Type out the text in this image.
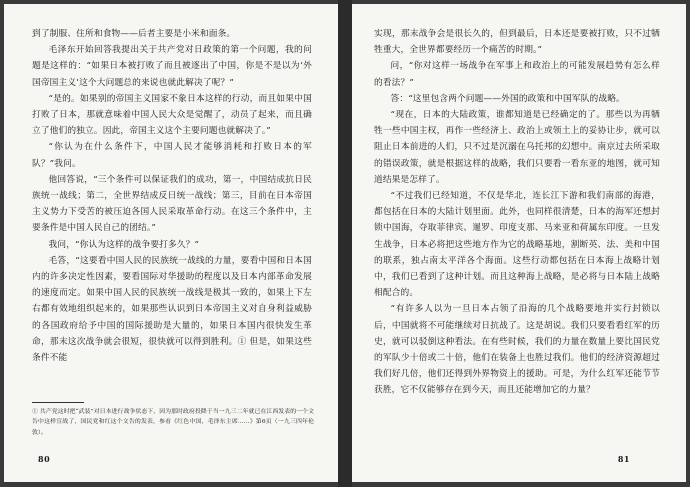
到了制服、住所和食物——后者主要是小米和面条。

毛泽东开始回答我提出关于共产党对日政策的第一个问题，我的问题是这样的：“如果日本被打败了而且被逐出了中国，你是不是以为‘外国帝国主义’这个大问题总的来说也就此解决了呢？”

“是的。如果别的帝国主义国家不象日本这样的行动，而且如果中国打败了日本，那就意味着中国人民大众是觉醒了，动员了起来，而且确立了他们的独立。因此，帝国主义这个主要问题也就解决了。”

“你认为在什么条件下，中国人民才能够消耗和打败日本的军队？”我问。

他回答说，“三个条件可以保证我们的成功，第一，中国结成抗日民族统一战线；第二，全世界结成反日统一战线；第三，目前在日本帝国主义势力下受苦的被压迫各国人民采取革命行动。在这三个条件中，主要条件是中国人民自己的团结。”

我问，“你认为这样的战争要打多久？”

毛答，“这要看中国人民的民族统一战线的力量，要看中国和日本国内的许多决定性因素，要看国际对华援助的程度以及日本内部革命发展的速度而定。如果中国人民的民族统一战线是极其一致的，如果上下左右都有效地组织起来的，如果那些认识到日本帝国主义对自身利益威胁的各国政府给予中国的国际援助是大量的，如果日本国内很快发生革命，那末这次战争就会很短，很快就可以得到胜利。① 但是，如果这些条件不能

① 共产党这时把“武装”对日本进行战争状态下，因为那时政府投降于当一九三二年就已在江西发表的一个文告中这样宣战了，国民党和红这个文告的发表，参看《红色中国，毛泽东主席……》第6页（一九三四年伦敦）。

80

实现，那末战争会是很长久的，但到最后，日本还是要被打败，只不过牺牲重大，全世界都要经历一个痛苦的时期。”

问，“你对这样一场战争在军事上和政治上的可能发展趋势有怎么样的看法？”

答：“这里包含两个问题——外国的政策和中国军队的战略。

“现在，日本的大陆政策，谁都知道是已经确定的了。那些以为再牺牲一些中国主权，再作一些经济上、政治上或领土上的妥协让步，就可以阻止日本前进的人们，只不过是沉溺在乌托邦的幻想中。南京过去所采取的错误政策，就是根据这样的战略，我们只要看一看东亚的地图，就可知道结果是怎样了。

“不过我们已经知道，不仅是华北，连长江下游和我们南部的海港，都包括在日本的大陆计划里面。此外，也同样很清楚，日本的海军还想封锁中国海，夺取菲律宾、暹罗、印度支那、马来亚和荷属东印度。一旦发生战争，日本必将把这些地方作为它的战略基地，割断英、法、美和中国的联系，独占南太平洋各个海面。这些行动都包括在日本海上战略计划中，我们已看到了这种计划。而且这种海上战略，是必将与日本陆上战略相配合的。

“有许多人以为一旦日本占领了沿海的几个战略要地并实行封锁以后，中国就将不可能继续对日抗战了。这是胡说。我们只要看看红军的历史，就可以驳倒这种看法。在有些时候，我们的力量在数量上要比国民党的军队少十倍或二十倍，他们在装备上也胜过我们。他们的经济资源超过我们好几倍，他们还得到外界物资上的援助。可是，为什么红军还能节节获胜，它不仅能够存在到今天，而且还能增加它的力量？

81
